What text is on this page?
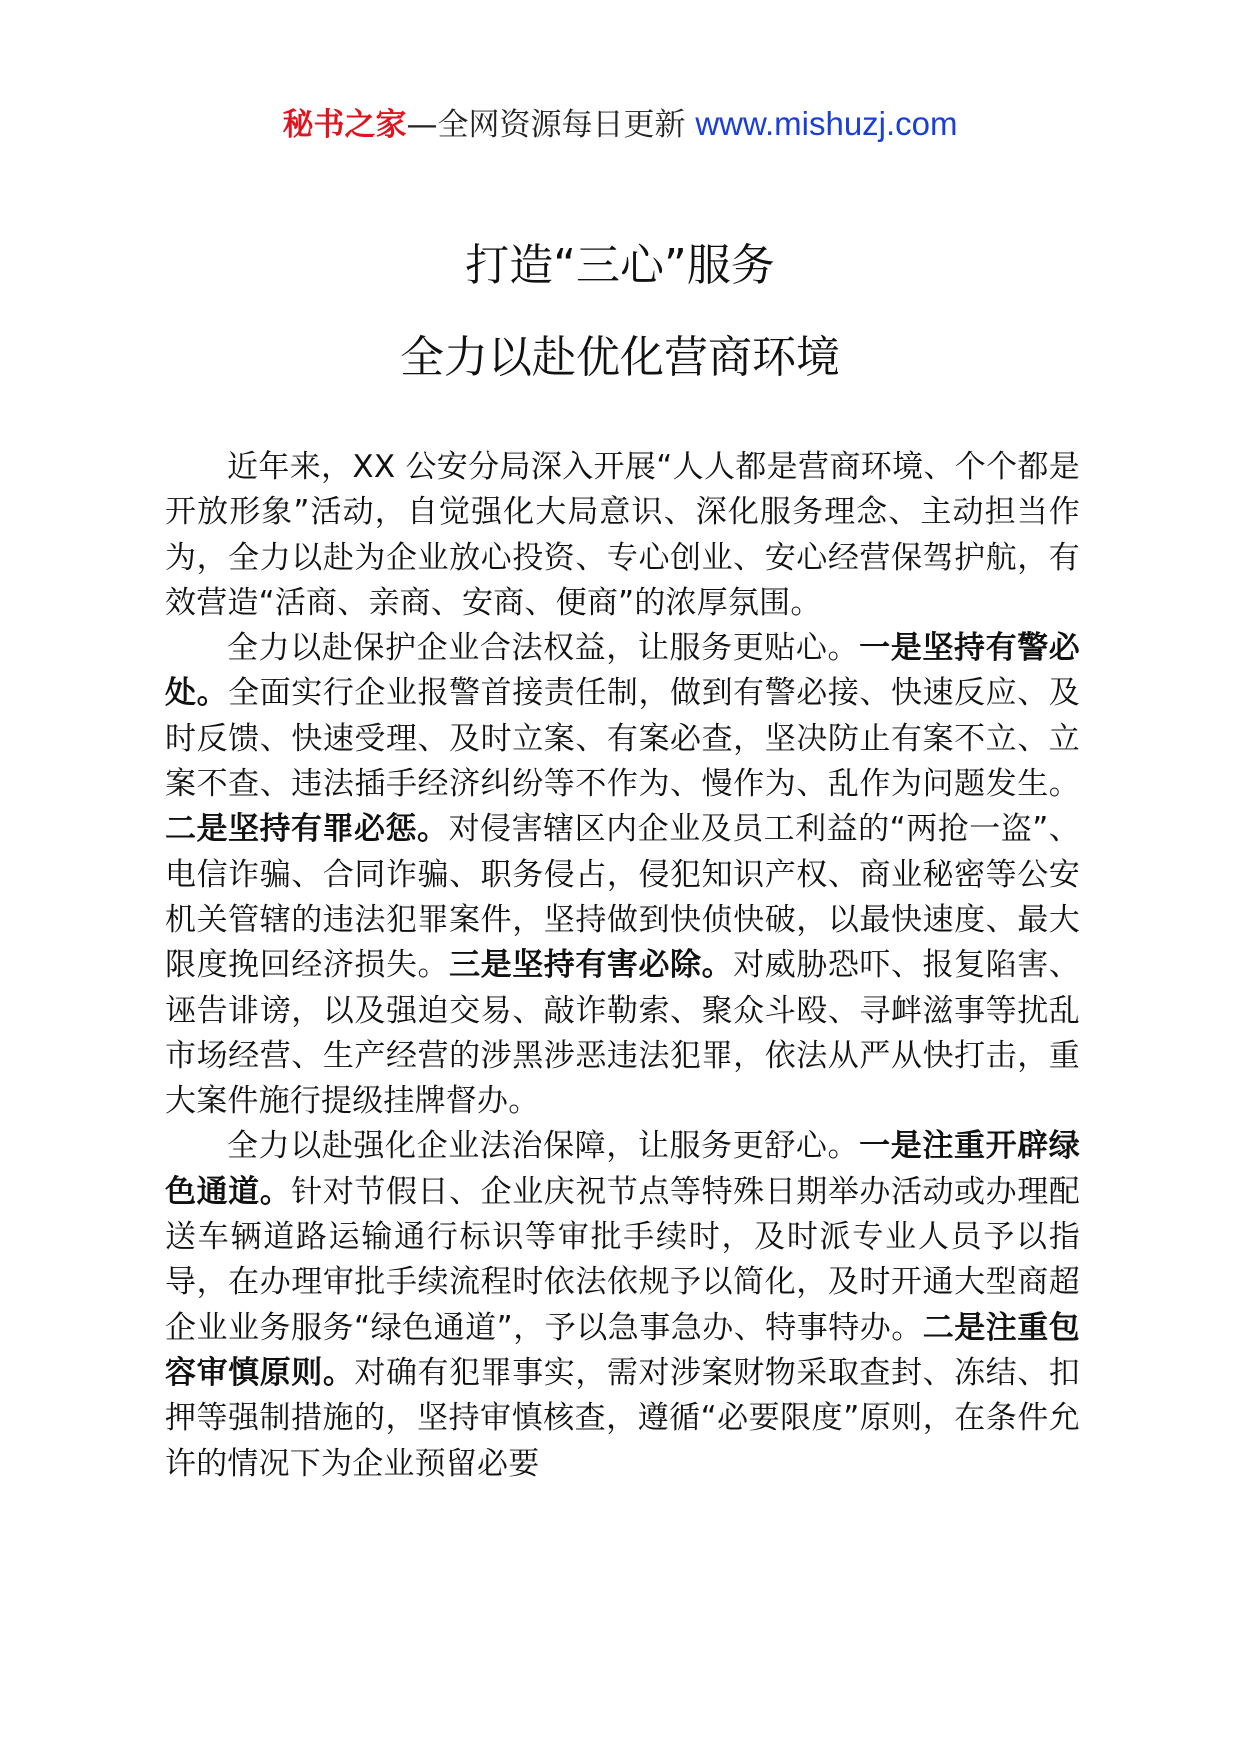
秘书之家—全网资源每日更新 www.mishuzj.com
打造“三心”服务
全力以赴优化营商环境

近年来，XX 公安分局深入开展“人人都是营商环境、个个都是开放形象”活动，自觉强化大局意识、深化服务理念、主动担当作为，全力以赴为企业放心投资、专心创业、安心经营保驾护航，有效营造“活商、亲商、安商、便商”的浓厚氛围。

全力以赴保护企业合法权益，让服务更贴心。一是坚持有警必处。全面实行企业报警首接责任制，做到有警必接、快速反应、及时反馈、快速受理、及时立案、有案必查，坚决防止有案不立、立案不查、违法插手经济纠纷等不作为、慢作为、乱作为问题发生。二是坚持有罪必惩。对侵害辖区内企业及员工利益的“两抢一盗”、电信诈骗、合同诈骗、职务侵占，侵犯知识产权、商业秘密等公安机关管辖的违法犯罪案件，坚持做到快侦快破，以最快速度、最大限度挽回经济损失。三是坚持有害必除。对威胁恐吓、报复陷害、诬告诽谤，以及强迫交易、敲诈勒索、聚众斗殴、寻衅滋事等扰乱市场经营、生产经营的涉黑涉恶违法犯罪，依法从严从快打击，重大案件施行提级挂牌督办。

全力以赴强化企业法治保障，让服务更舒心。一是注重开辟绿色通道。针对节假日、企业庆祝节点等特殊日期举办活动或办理配送车辆道路运输通行标识等审批手续时，及时派专业人员予以指导，在办理审批手续流程时依法依规予以简化，及时开通大型商超企业业务服务“绿色通道”，予以急事急办、特事特办。二是注重包容审慎原则。对确有犯罪事实，需对涉案财物采取查封、冻结、扣押等强制措施的，坚持审慎核查，遵循“必要限度”原则，在条件允许的情况下为企业预留必要
